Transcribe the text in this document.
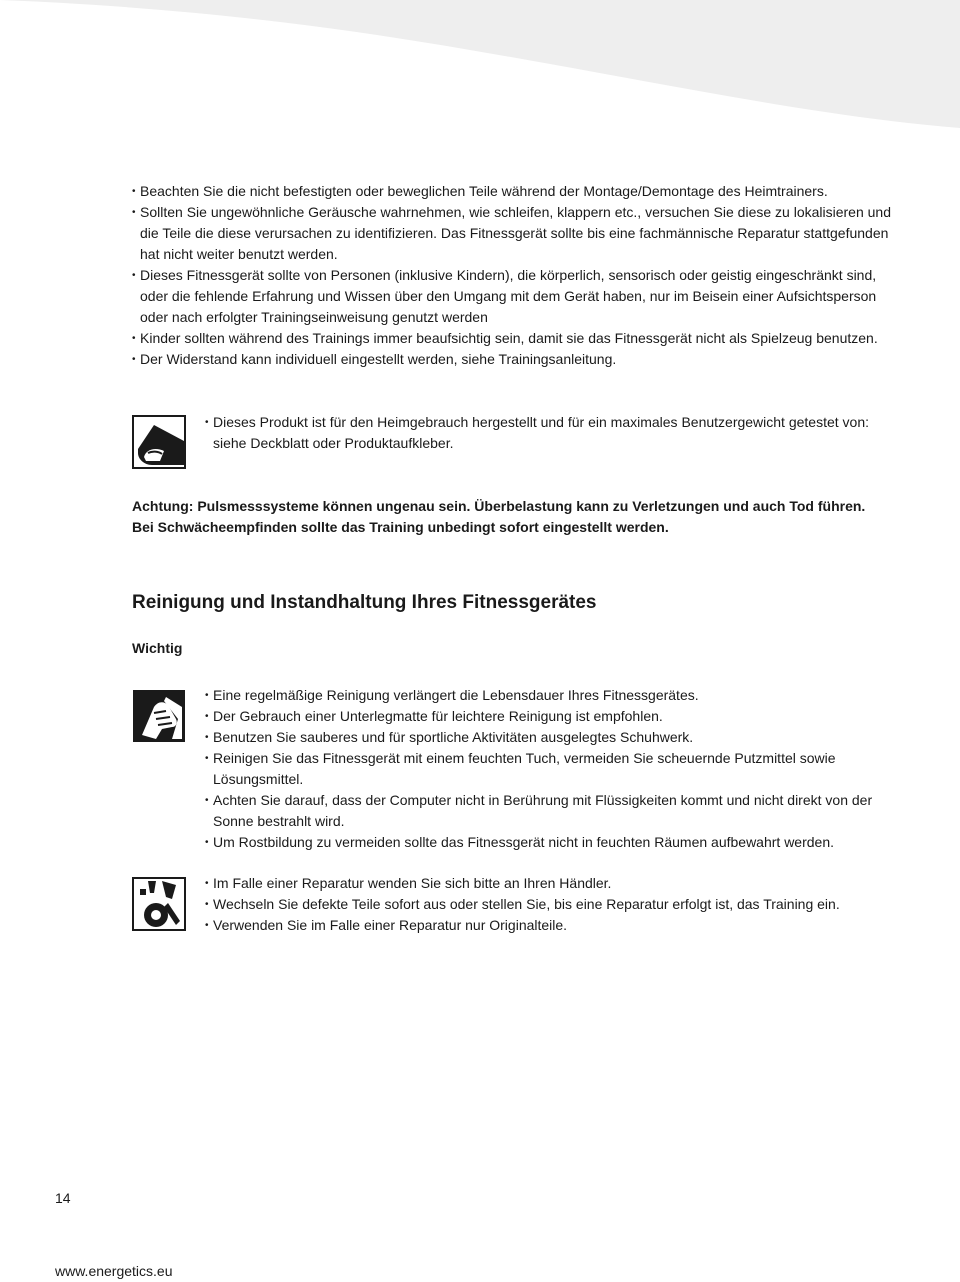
• Beachten Sie die nicht befestigten oder beweglichen Teile während der Montage/Demontage des Heimtrainers.
• Sollten Sie ungewöhnliche Geräusche wahrnehmen, wie schleifen, klappern etc., versuchen Sie diese zu lokalisieren und die Teile die diese verursachen zu identifizieren. Das Fitnessgerät sollte bis eine fachmännische Reparatur stattgefunden hat nicht weiter benutzt werden.
• Dieses Fitnessgerät sollte von Personen (inklusive Kindern), die körperlich, sensorisch oder geistig eingeschränkt sind, oder die fehlende Erfahrung und Wissen über den Umgang mit dem Gerät haben, nur im Beisein einer Aufsichtsperson oder nach erfolgter Trainingseinweisung genutzt werden
• Kinder sollten während des Trainings immer beaufsichtig sein, damit sie das Fitnessgerät nicht als Spielzeug benutzen.
• Der Widerstand kann individuell eingestellt werden, siehe Trainingsanleitung.
• Dieses Produkt ist für den Heimgebrauch hergestellt und für ein maximales Benutzergewicht getestet von: siehe Deckblatt oder Produktaufkleber.

Achtung: Pulsmesssysteme können ungenau sein. Überbelastung kann zu Verletzungen und auch Tod führen.
Bei Schwächeempfinden sollte das Training unbedingt sofort eingestellt werden.

Reinigung und Instandhaltung Ihres Fitnessgerätes
Wichtig
• Eine regelmäßige Reinigung verlängert die Lebensdauer Ihres Fitnessgerätes.
• Der Gebrauch einer Unterlegmatte für leichtere Reinigung ist empfohlen.
• Benutzen Sie sauberes und für sportliche Aktivitäten ausgelegtes Schuhwerk.
• Reinigen Sie das Fitnessgerät mit einem feuchten Tuch, vermeiden Sie scheuernde Putzmittel sowie Lösungsmittel.
• Achten Sie darauf, dass der Computer nicht in Berührung mit Flüssigkeiten kommt und nicht direkt von der Sonne bestrahlt wird.
• Um Rostbildung zu vermeiden sollte das Fitnessgerät nicht in feuchten Räumen aufbewahrt werden.
• Im Falle einer Reparatur wenden Sie sich bitte an Ihren Händler.
• Wechseln Sie defekte Teile sofort aus oder stellen Sie, bis eine Reparatur erfolgt ist, das Training ein.
• Verwenden Sie im Falle einer Reparatur nur Originalteile.

14

www.energetics.eu
